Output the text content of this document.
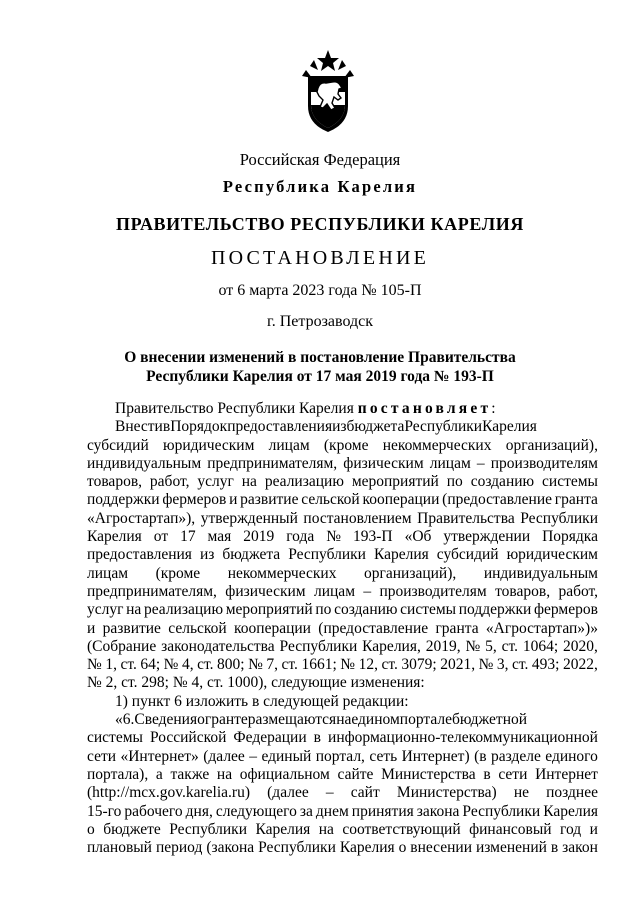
Российская Федерация
Республика Карелия
ПРАВИТЕЛЬСТВО РЕСПУБЛИКИ КАРЕЛИЯ
ПОСТАНОВЛЕНИЕ
от 6 марта 2023 года № 105-П
г. Петрозаводск
О внесении изменений в постановление Правительства
Республики Карелия от 17 мая 2019 года № 193-П
Правительство Республики Карелия постановляет :
Внести в Порядок предоставления из бюджета Республики Карелия
субсидий юридическим лицам (кроме некоммерческих организаций),
индивидуальным предпринимателям, физическим лицам – производителям
товаров, работ, услуг на реализацию мероприятий по созданию системы
поддержки фермеров и развитие сельской кооперации (предоставление гранта
«Агростартап»), утвержденный постановлением Правительства Республики
Карелия от 17 мая 2019 года № 193-П «Об утверждении Порядка
предоставления из бюджета Республики Карелия субсидий юридическим
лицам (кроме некоммерческих организаций), индивидуальным
предпринимателям, физическим лицам – производителям товаров, работ,
услуг на реализацию мероприятий по созданию системы поддержки фермеров
и развитие сельской кооперации (предоставление гранта «Агростартап»)»
(Собрание законодательства Республики Карелия, 2019, № 5, ст. 1064; 2020,
№ 1, ст. 64; № 4, ст. 800; № 7, ст. 1661; № 12, ст. 3079; 2021, № 3, ст. 493; 2022,
№ 2, ст. 298; № 4, ст. 1000), следующие изменения:
1) пункт 6 изложить в следующей редакции:
«6. Сведения о гранте размещаются на едином портале бюджетной
системы Российской Федерации в информационно-телекоммуникационной
сети «Интернет» (далее – единый портал, сеть Интернет) (в разделе единого
портала), а также на официальном сайте Министерства в сети Интернет
(http://mcx.gov.karelia.ru) (далее – сайт Министерства) не позднее
15-го рабочего дня, следующего за днем принятия закона Республики Карелия
о бюджете Республики Карелия на соответствующий финансовый год и
плановый период (закона Республики Карелия о внесении изменений в закон
